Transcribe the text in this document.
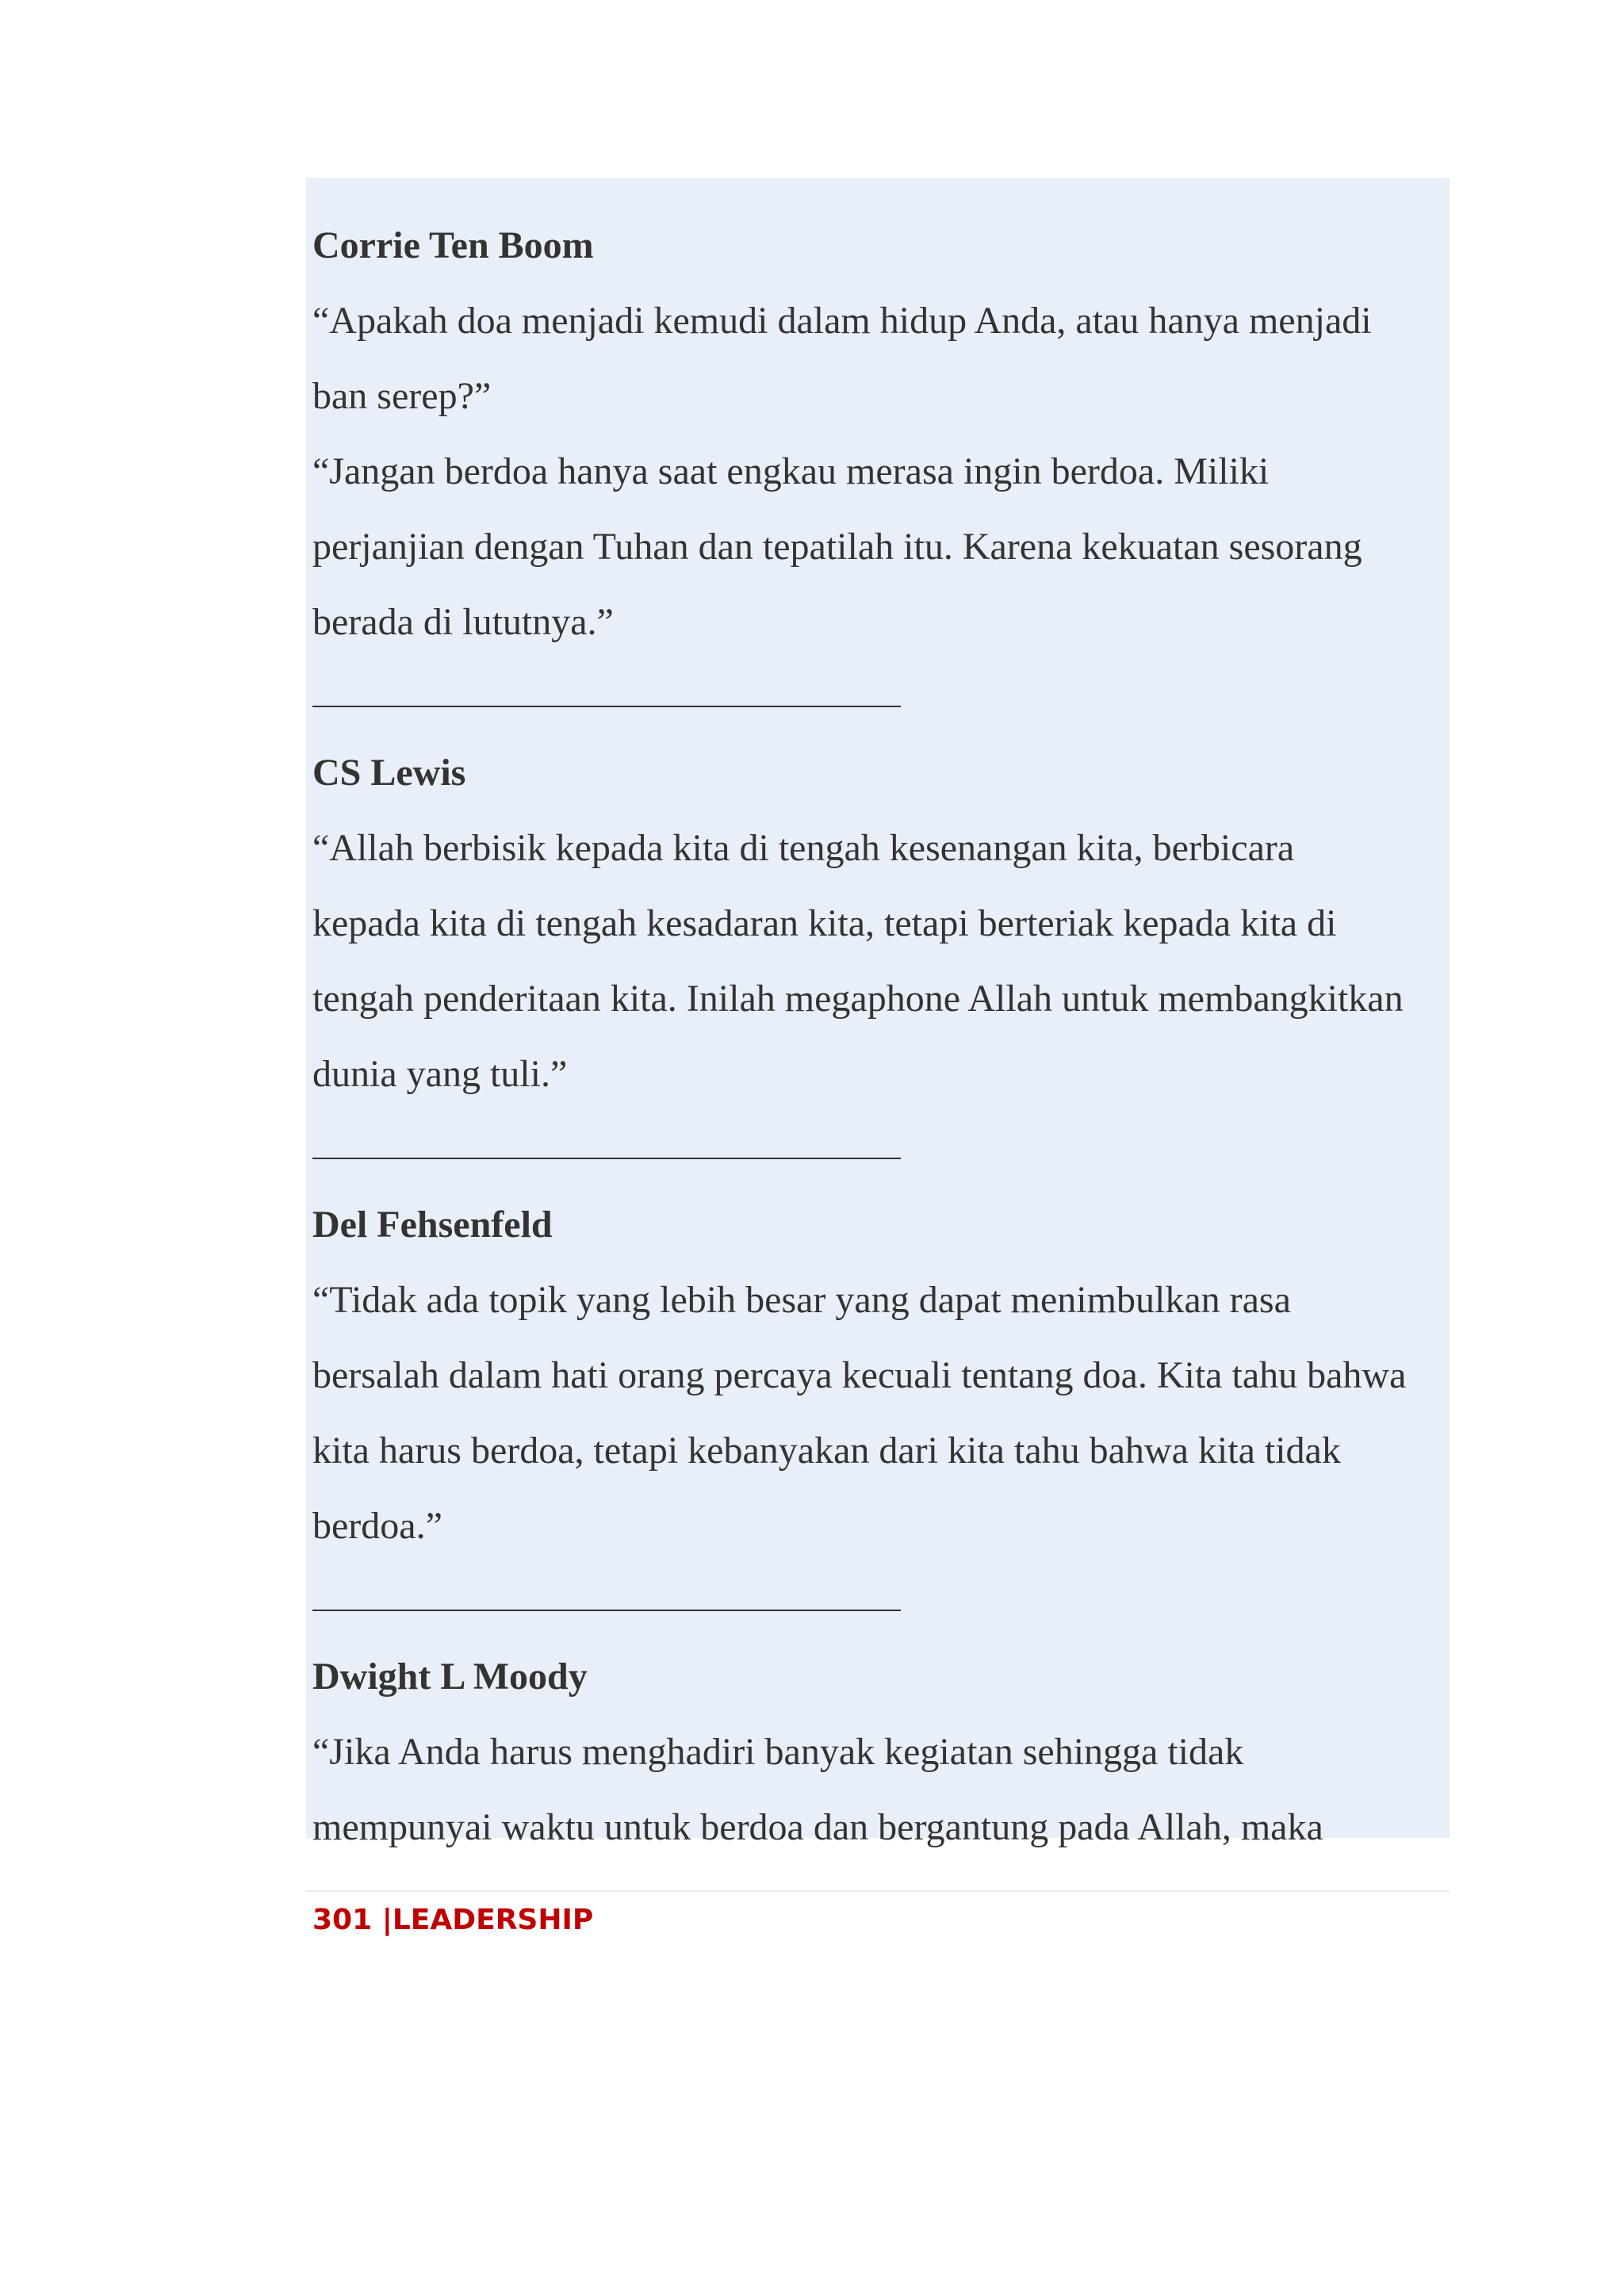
Corrie Ten Boom
“Apakah doa menjadi kemudi dalam hidup Anda, atau hanya menjadi
ban serep?”
“Jangan berdoa hanya saat engkau merasa ingin berdoa. Miliki
perjanjian dengan Tuhan dan tepatilah itu. Karena kekuatan sesorang
berada di lututnya.”
CS Lewis
“Allah berbisik kepada kita di tengah kesenangan kita, berbicara
kepada kita di tengah kesadaran kita, tetapi berteriak kepada kita di
tengah penderitaan kita. Inilah megaphone Allah untuk membangkitkan
dunia yang tuli.”
Del Fehsenfeld
“Tidak ada topik yang lebih besar yang dapat menimbulkan rasa
bersalah dalam hati orang percaya kecuali tentang doa. Kita tahu bahwa
kita harus berdoa, tetapi kebanyakan dari kita tahu bahwa kita tidak
berdoa.”
Dwight L Moody
“Jika Anda harus menghadiri banyak kegiatan sehingga tidak
mempunyai waktu untuk berdoa dan bergantung pada Allah, maka
301 |LEADERSHIP
